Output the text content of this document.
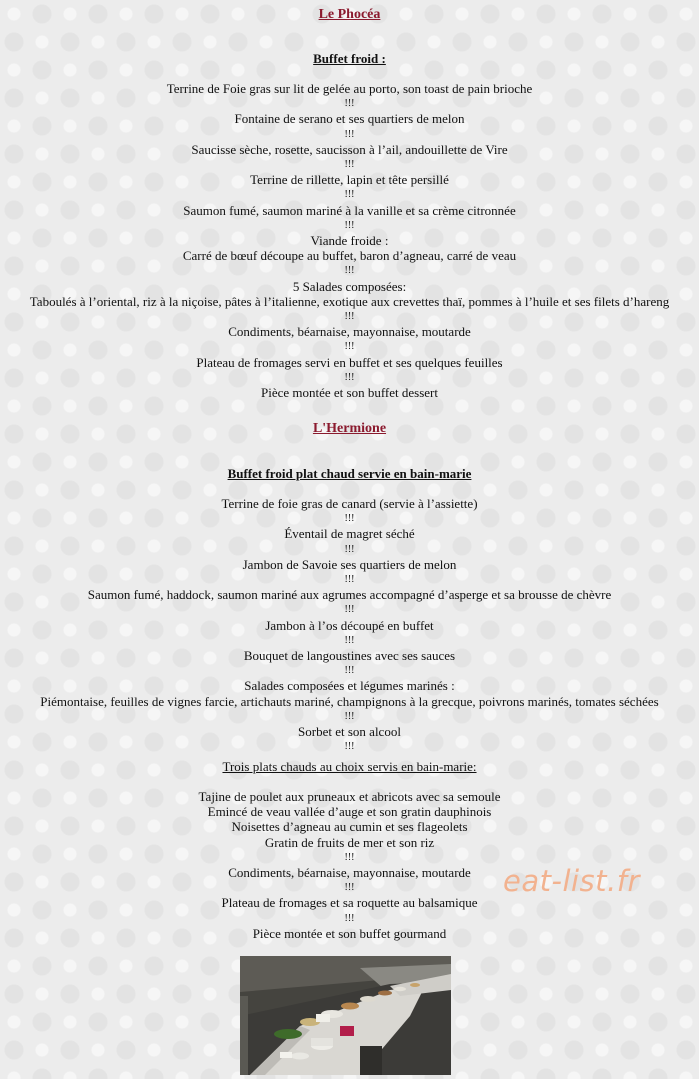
Le Phocéa
Buffet froid :
Terrine de Foie gras sur lit de gelée au porto, son toast de pain brioche
!!!
Fontaine de serano et ses quartiers de melon
!!!
Saucisse sèche, rosette, saucisson à l’ail, andouillette de Vire
!!!
Terrine de rillette, lapin et tête persillé
!!!
Saumon fumé, saumon mariné à la vanille et sa crème citronnée
!!!
Viande froide :
Carré de bœuf découpe au buffet, baron d’agneau, carré de veau
!!!
5 Salades composées:
Taboulés à l’oriental, riz à la niçoise, pâtes à l’italienne, exotique aux crevettes thaï, pommes à l’huile et ses filets d’hareng
!!!
Condiments, béarnaise, mayonnaise, moutarde
!!!
Plateau de fromages servi en buffet et ses quelques feuilles
!!!
Pièce montée et son buffet dessert
L'Hermione
Buffet froid plat chaud servie en bain-marie
Terrine de foie gras de canard (servie à l’assiette)
!!!
Éventail de magret séché
!!!
Jambon de Savoie ses quartiers de melon
!!!
Saumon fumé, haddock, saumon mariné aux agrumes accompagné d’asperge et sa brousse de chèvre
!!!
Jambon à l’os découpé en buffet
!!!
Bouquet de langoustines avec ses sauces
!!!
Salades composées et légumes marinés :
Piémontaise, feuilles de vignes farcie, artichauts mariné, champignons à la grecque, poivrons marinés, tomates séchées
!!!
Sorbet et son alcool
!!!
Trois plats chauds au choix servis en bain-marie:
Tajine de poulet aux pruneaux et abricots avec sa semoule
Emincé de veau vallée d’auge et son gratin dauphinois
Noisettes d’agneau au cumin et ses flageolets
Gratin de fruits de mer et son riz
!!!
Condiments, béarnaise, mayonnaise, moutarde
!!!
Plateau de fromages et sa roquette au balsamique
!!!
Pièce montée et son buffet gourmand
eat-list.fr
